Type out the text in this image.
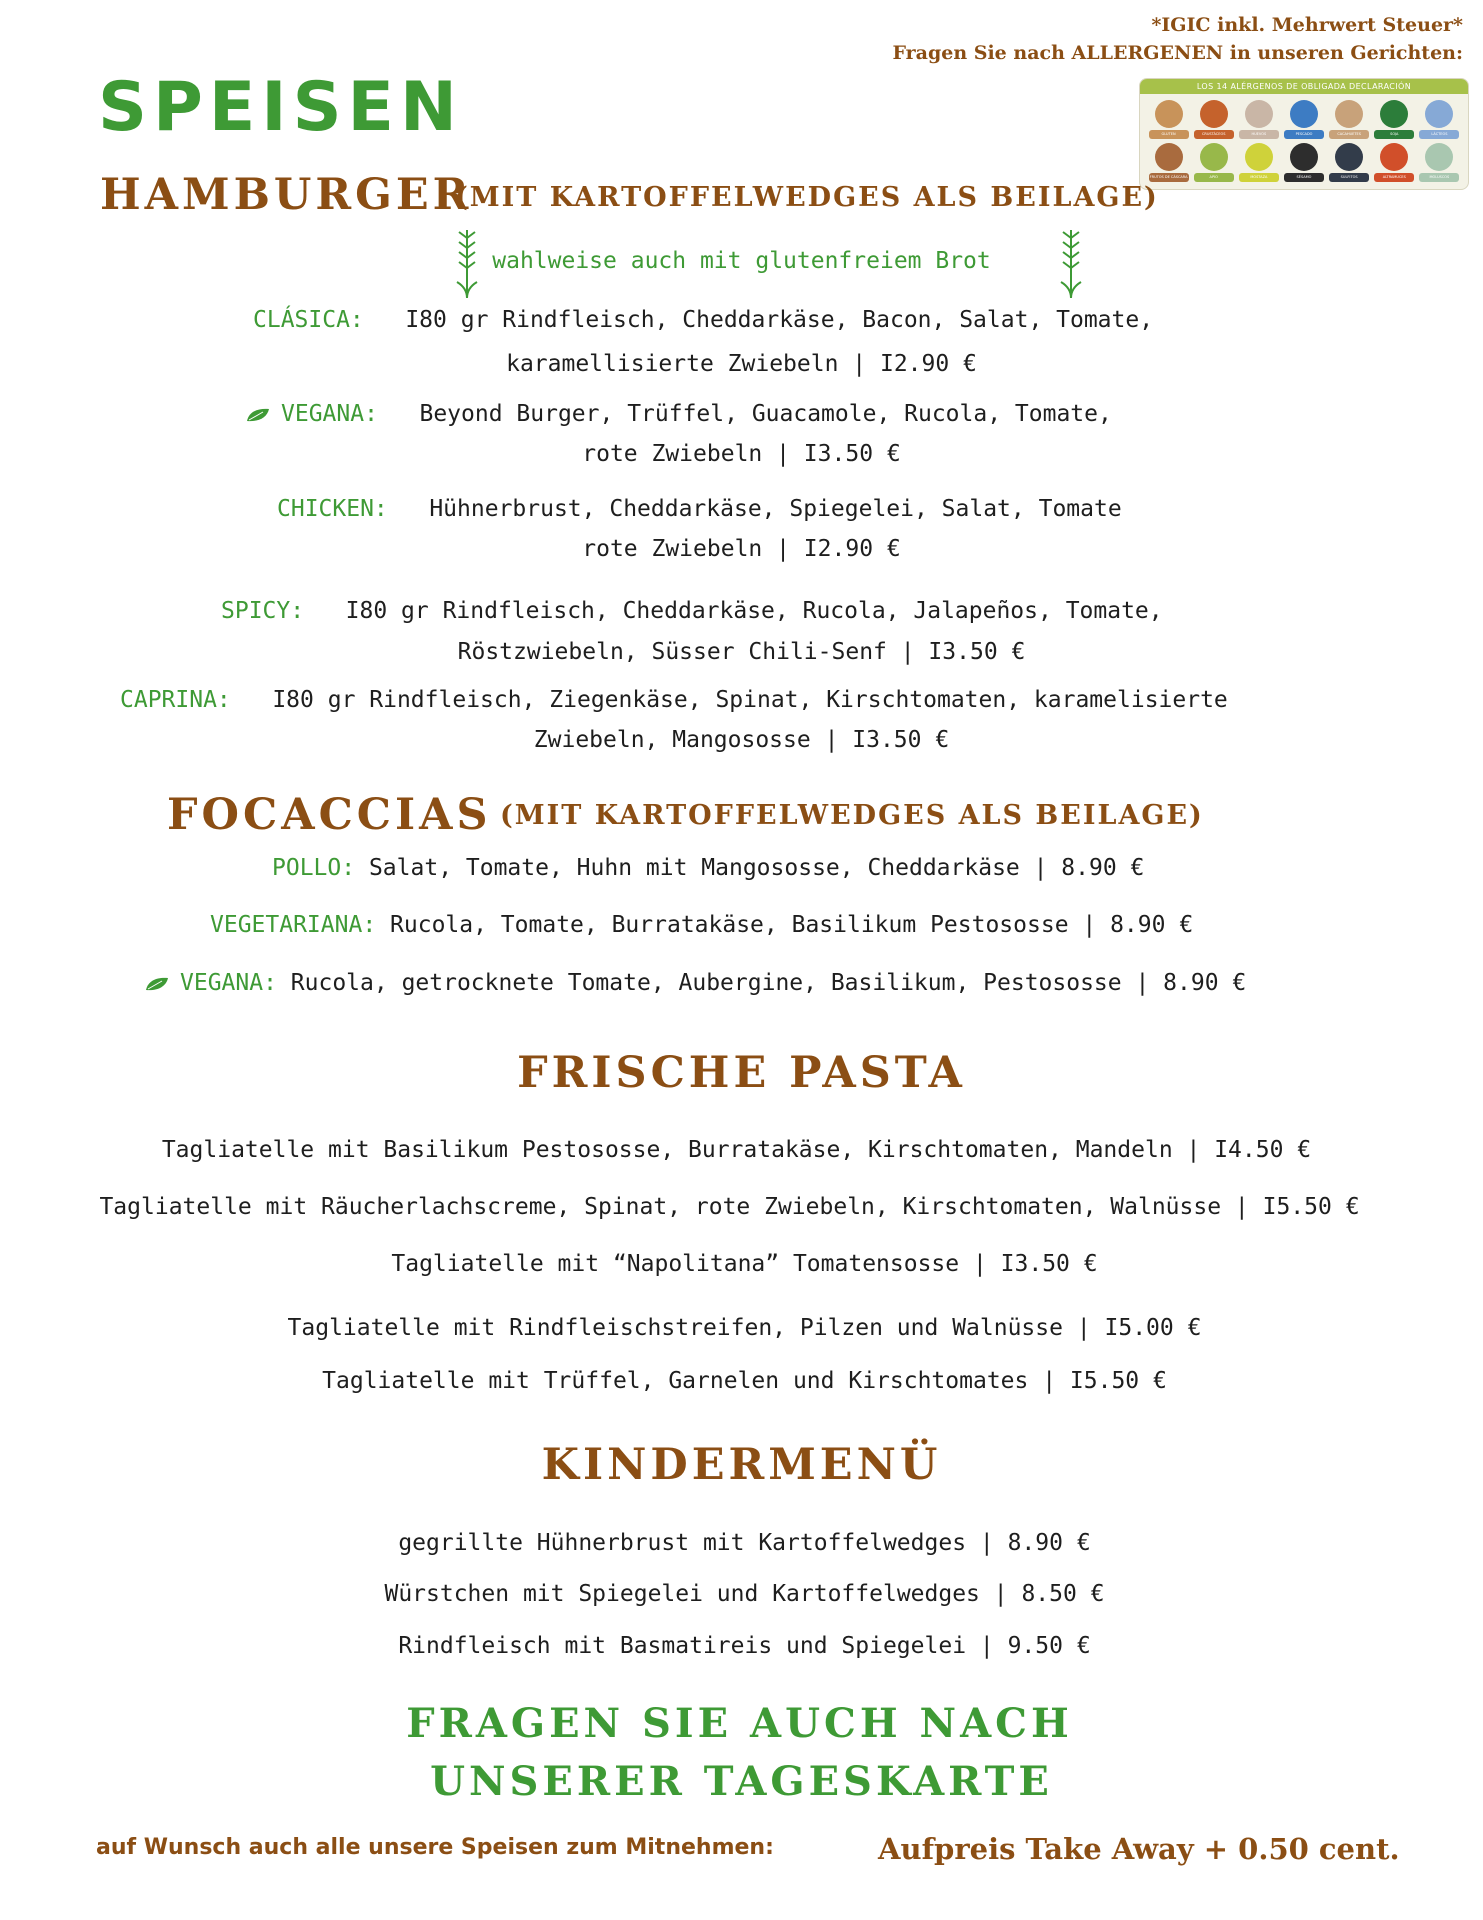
*IGIC inkl. Mehrwert Steuer*
Fragen Sie nach ALLERGENEN in unseren Gerichten:
LOS 14 ALÉRGENOS DE OBLIGADA DECLARACIÓN
GLUTEN	CRUSTÁCEOS	HUEVOS	PESCADO	CACAHUETES	SOJA	LÁCTEOS
FRUTOS DE CÁSCARA	APIO	MOSTAZA	SÉSAMO	SULFITOS	ALTRAMUCES	MOLUSCOS
SPEISEN
HAMBURGER
(MIT KARTOFFELWEDGES ALS BEILAGE)
wahlweise auch mit glutenfreiem Brot
CLÁSICA: I80 gr Rindfleisch, Cheddarkäse, Bacon, Salat, Tomate,
karamellisierte Zwiebeln | I2.90 €
VEGANA: Beyond Burger, Trüffel, Guacamole, Rucola, Tomate,
rote Zwiebeln | I3.50 €
CHICKEN: Hühnerbrust, Cheddarkäse, Spiegelei, Salat, Tomate
rote Zwiebeln | I2.90 €
SPICY: I80 gr Rindfleisch, Cheddarkäse, Rucola, Jalapeños, Tomate,
Röstzwiebeln, Süsser Chili-Senf | I3.50 €
CAPRINA: I80 gr Rindfleisch, Ziegenkäse, Spinat, Kirschtomaten, karamelisierte
Zwiebeln, Mangososse | I3.50 €
FOCACCIAS (MIT KARTOFFELWEDGES ALS BEILAGE)
POLLO: Salat, Tomate, Huhn mit Mangososse, Cheddarkäse | 8.90 €
VEGETARIANA: Rucola, Tomate, Burratakäse, Basilikum Pestososse | 8.90 €
VEGANA: Rucola, getrocknete Tomate, Aubergine, Basilikum, Pestososse | 8.90 €
FRISCHE PASTA
Tagliatelle mit Basilikum Pestososse, Burratakäse, Kirschtomaten, Mandeln | I4.50 €
Tagliatelle mit Räucherlachscreme, Spinat, rote Zwiebeln, Kirschtomaten, Walnüsse | I5.50 €
Tagliatelle mit “Napolitana” Tomatensosse | I3.50 €
Tagliatelle mit Rindfleischstreifen, Pilzen und Walnüsse | I5.00 €
Tagliatelle mit Trüffel, Garnelen und Kirschtomates | I5.50 €
KINDERMENÜ
gegrillte Hühnerbrust mit Kartoffelwedges | 8.90 €
Würstchen mit Spiegelei und Kartoffelwedges | 8.50 €
Rindfleisch mit Basmatireis und Spiegelei | 9.50 €
FRAGEN SIE AUCH NACH
UNSERER TAGESKARTE
auf Wunsch auch alle unsere Speisen zum Mitnehmen:	Aufpreis Take Away + 0.50 cent.
